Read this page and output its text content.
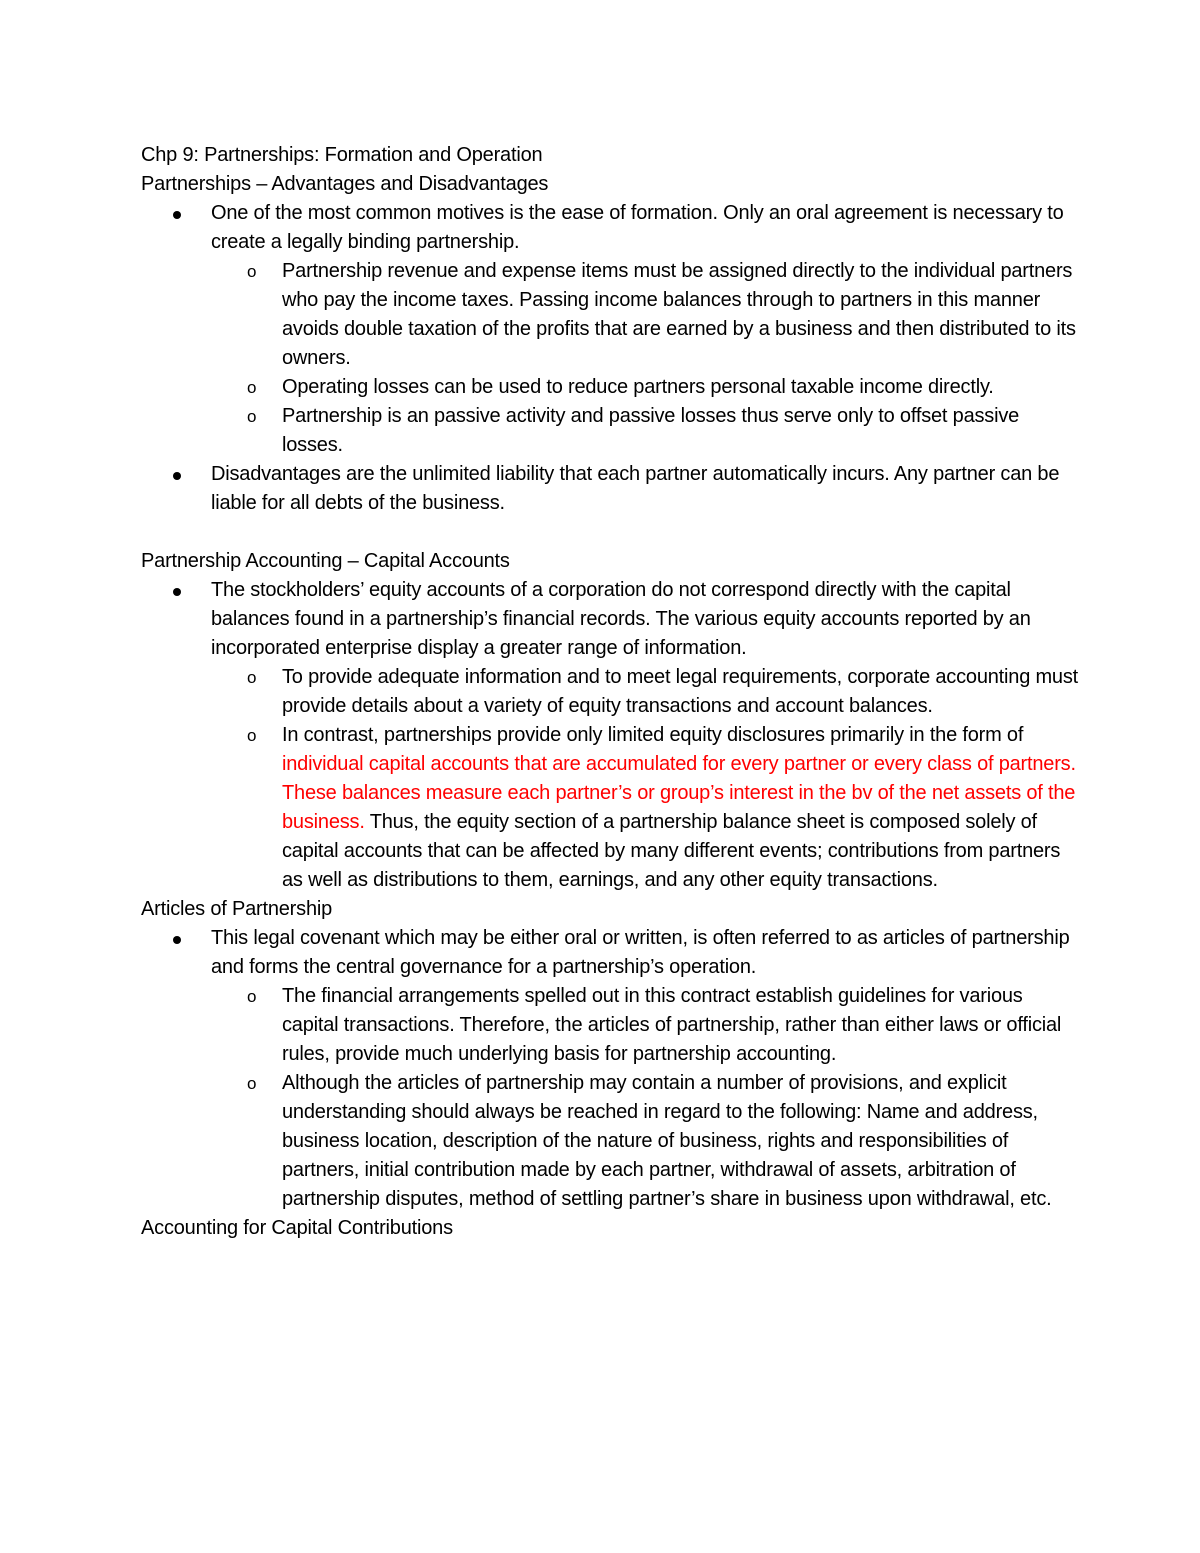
Chp 9: Partnerships: Formation and Operation

Partnerships – Advantages and Disadvantages

One of the most common motives is the ease of formation. Only an oral agreement is necessary to create a legally binding partnership.
o Partnership revenue and expense items must be assigned directly to the individual partners who pay the income taxes. Passing income balances through to partners in this manner avoids double taxation of the profits that are earned by a business and then distributed to its owners.
o Operating losses can be used to reduce partners personal taxable income directly.
o Partnership is an passive activity and passive losses thus serve only to offset passive losses.
Disadvantages are the unlimited liability that each partner automatically incurs. Any partner can be liable for all debts of the business.

Partnership Accounting – Capital Accounts

The stockholders’ equity accounts of a corporation do not correspond directly with the capital balances found in a partnership’s financial records. The various equity accounts reported by an incorporated enterprise display a greater range of information.
o To provide adequate information and to meet legal requirements, corporate accounting must provide details about a variety of equity transactions and account balances.
o In contrast, partnerships provide only limited equity disclosures primarily in the form of individual capital accounts that are accumulated for every partner or every class of partners. These balances measure each partner’s or group’s interest in the bv of the net assets of the business. Thus, the equity section of a partnership balance sheet is composed solely of capital accounts that can be affected by many different events; contributions from partners as well as distributions to them, earnings, and any other equity transactions.

Articles of Partnership

This legal covenant which may be either oral or written, is often referred to as articles of partnership and forms the central governance for a partnership’s operation.
o The financial arrangements spelled out in this contract establish guidelines for various capital transactions. Therefore, the articles of partnership, rather than either laws or official rules, provide much underlying basis for partnership accounting.
o Although the articles of partnership may contain a number of provisions, and explicit understanding should always be reached in regard to the following: Name and address, business location, description of the nature of business, rights and responsibilities of partners, initial contribution made by each partner, withdrawal of assets, arbitration of partnership disputes, method of settling partner’s share in business upon withdrawal, etc.

Accounting for Capital Contributions
